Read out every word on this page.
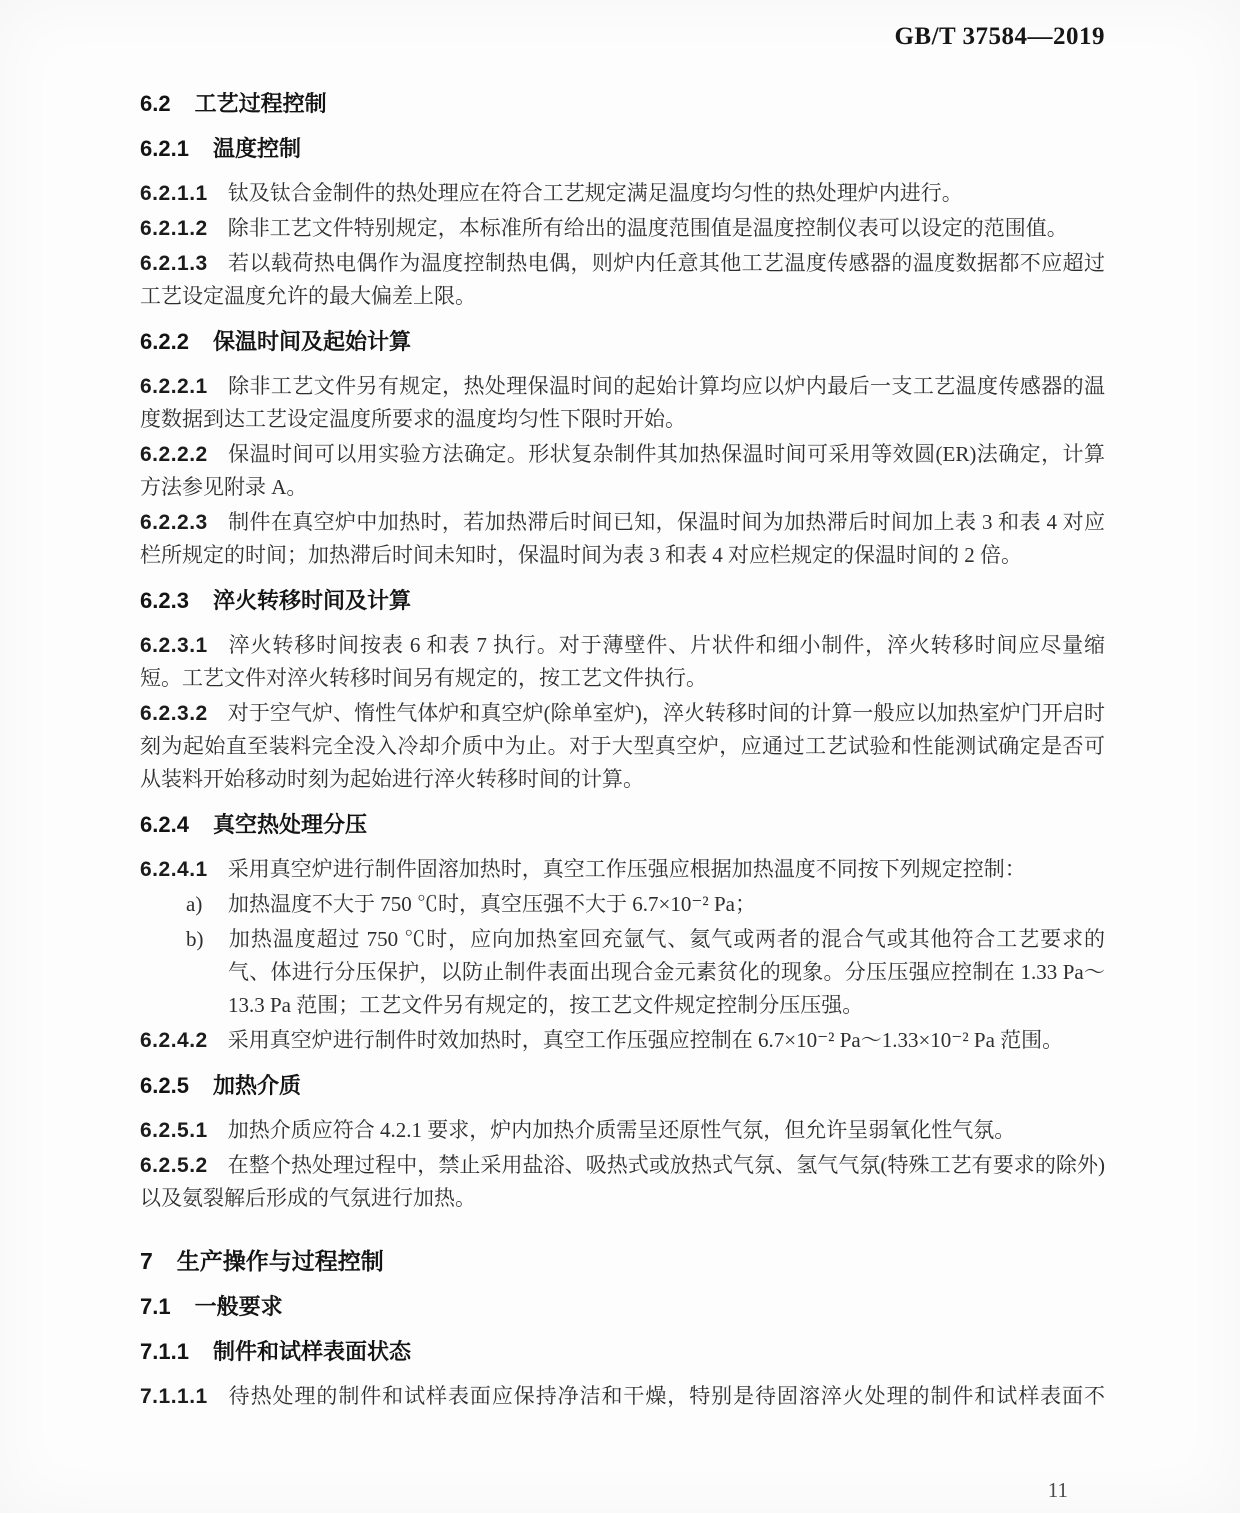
GB/T 37584—2019
6.2 工艺过程控制
6.2.1 温度控制

6.2.1.1 钛及钛合金制件的热处理应在符合工艺规定满足温度均匀性的热处理炉内进行。

6.2.1.2 除非工艺文件特别规定，本标准所有给出的温度范围值是温度控制仪表可以设定的范围值。

6.2.1.3 若以载荷热电偶作为温度控制热电偶，则炉内任意其他工艺温度传感器的温度数据都不应超过工艺设定温度允许的最大偏差上限。

6.2.2 保温时间及起始计算

6.2.2.1 除非工艺文件另有规定，热处理保温时间的起始计算均应以炉内最后一支工艺温度传感器的温度数据到达工艺设定温度所要求的温度均匀性下限时开始。

6.2.2.2 保温时间可以用实验方法确定。形状复杂制件其加热保温时间可采用等效圆(ER)法确定，计算方法参见附录 A。

6.2.2.3 制件在真空炉中加热时，若加热滞后时间已知，保温时间为加热滞后时间加上表 3 和表 4 对应栏所规定的时间；加热滞后时间未知时，保温时间为表 3 和表 4 对应栏规定的保温时间的 2 倍。

6.2.3 淬火转移时间及计算

6.2.3.1 淬火转移时间按表 6 和表 7 执行。对于薄壁件、片状件和细小制件，淬火转移时间应尽量缩短。工艺文件对淬火转移时间另有规定的，按工艺文件执行。

6.2.3.2 对于空气炉、惰性气体炉和真空炉(除单室炉)，淬火转移时间的计算一般应以加热室炉门开启时刻为起始直至装料完全没入冷却介质中为止。对于大型真空炉，应通过工艺试验和性能测试确定是否可从装料开始移动时刻为起始进行淬火转移时间的计算。

6.2.4 真空热处理分压

6.2.4.1 采用真空炉进行制件固溶加热时，真空工作压强应根据加热温度不同按下列规定控制：

a) 加热温度不大于 750 ℃时，真空压强不大于 6.7×10⁻² Pa；
b) 加热温度超过 750 ℃时，应向加热室回充氩气、氦气或两者的混合气或其他符合工艺要求的气、体进行分压保护，以防止制件表面出现合金元素贫化的现象。分压压强应控制在 1.33 Pa～13.3 Pa 范围；工艺文件另有规定的，按工艺文件规定控制分压压强。

6.2.4.2 采用真空炉进行制件时效加热时，真空工作压强应控制在 6.7×10⁻² Pa～1.33×10⁻² Pa 范围。

6.2.5 加热介质

6.2.5.1 加热介质应符合 4.2.1 要求，炉内加热介质需呈还原性气氛，但允许呈弱氧化性气氛。

6.2.5.2 在整个热处理过程中，禁止采用盐浴、吸热式或放热式气氛、氢气气氛(特殊工艺有要求的除外)以及氨裂解后形成的气氛进行加热。

7 生产操作与过程控制
7.1 一般要求
7.1.1 制件和试样表面状态

7.1.1.1 待热处理的制件和试样表面应保持净洁和干燥，特别是待固溶淬火处理的制件和试样表面不

11
